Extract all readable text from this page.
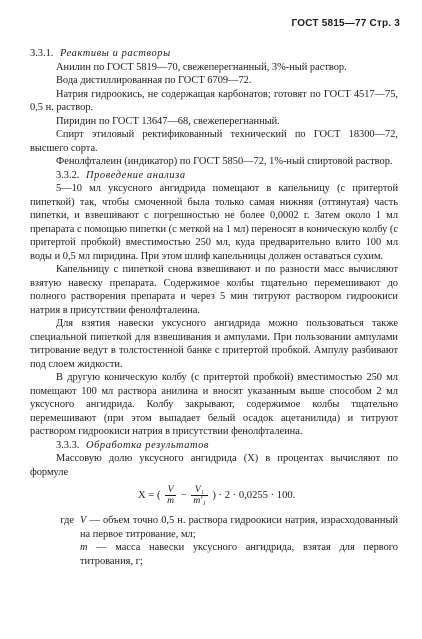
ГОСТ 5815—77 Стр. 3

3.3.1. Реактивы и растворы

Анилин по ГОСТ 5819—70, свежеперегнанный, 3%-ный раствор.

Вода дистиллированная по ГОСТ 6709—72.

Натрия гидроокись, не содержащая карбонатов; готовят по ГОСТ 4517—75, 0,5 н. раствор.

Пиридин по ГОСТ 13647—68, свежеперегнанный.

Спирт этиловый ректификованный технический по ГОСТ 18300—72, высшего сорта.

Фенолфталеин (индикатор) по ГОСТ 5850—72, 1%-ный спиртовой раствор.

3.3.2. Проведение анализа

5—10 мл уксусного ангидрида помещают в капельницу (с притертой пипеткой) так, чтобы смоченной была только самая нижняя (оттянутая) часть пипетки, и взвешивают с погрешностью не более 0,0002 г. Затем около 1 мл препарата с помощью пипетки (с меткой на 1 мл) переносят в коническую колбу (с притертой пробкой) вместимостью 250 мл, куда предварительно влито 100 мл воды и 0,5 мл пиридина. При этом шлиф капельницы должен оставаться сухим.

Капельницу с пипеткой снова взвешивают и по разности масс вычисляют взятую навеску препарата. Содержимое колбы тщательно перемешивают до полного растворения препарата и через 5 мин титруют раствором гидроокиси натрия в присутствии фенолфталеина.

Для взятия навески уксусного ангидрида можно пользоваться также специальной пипеткой для взвешивания и ампулами. При пользовании ампулами титрование ведут в толстостенной банке с притертой пробкой. Ампулу разбивают под слоем жидкости.

В другую коническую колбу (с притертой пробкой) вместимостью 250 мл помещают 100 мл раствора анилина и вносят указанным выше способом 2 мл уксусного ангидрида. Колбу закрывают, содержимое колбы тщательно перемешивают (при этом выпадает белый осадок ацетанилида) и титруют раствором гидроокиси натрия в присутствии фенолфталеина.

3.3.3. Обработка результатов

Массовую долю уксусного ангидрида (X) в процентах вычисляют по формуле

X = ( $\frac{V}{m} - \frac{\text{V₁}}{\text{m'₁}}$ ) · 2 · 0,0255 · 100.
где V — объем точно 0,5 н. раствора гидроокиси натрия, израсходованный на первое титрование, мл;
m — масса навески уксусного ангидрида, взятая для первого титрования, г;
